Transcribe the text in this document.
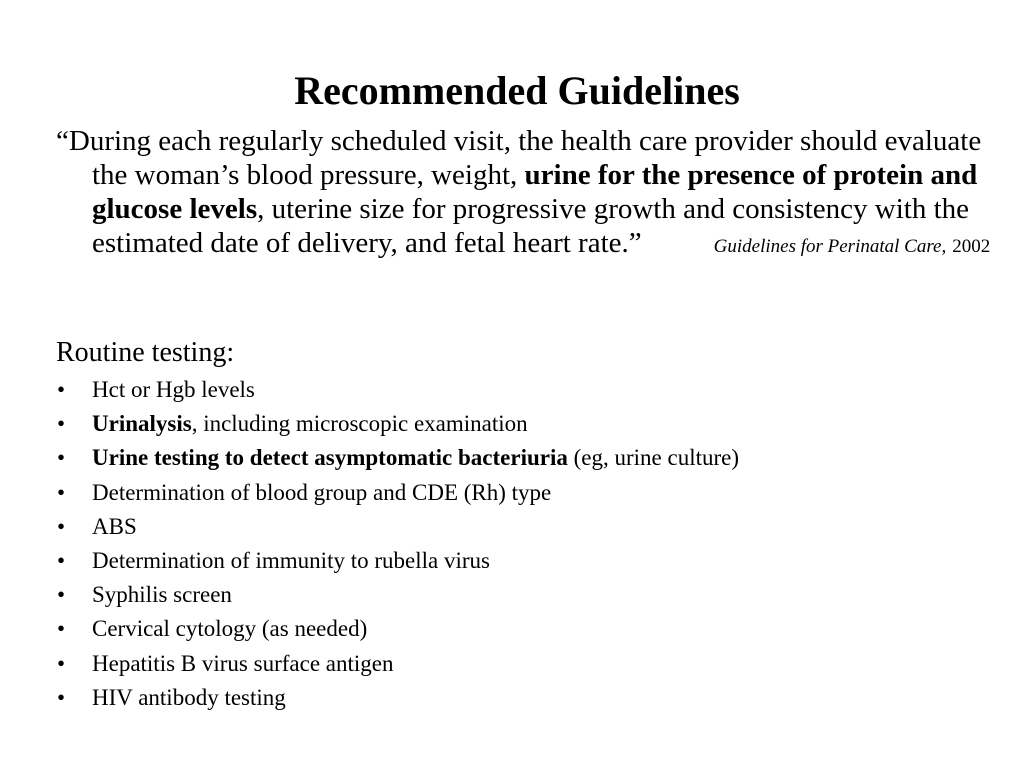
Recommended Guidelines
“During each regularly scheduled visit, the health care provider should evaluate the woman’s blood pressure, weight, urine for the presence of protein and glucose levels, uterine size for progressive growth and consistency with the estimated date of delivery, and fetal heart rate.”	Guidelines for Perinatal Care, 2002
Routine testing:
• Hct or Hgb levels
• Urinalysis, including microscopic examination
• Urine testing to detect asymptomatic bacteriuria (eg, urine culture)
• Determination of blood group and CDE (Rh) type
• ABS
• Determination of immunity to rubella virus
• Syphilis screen
• Cervical cytology (as needed)
• Hepatitis B virus surface antigen
• HIV antibody testing
